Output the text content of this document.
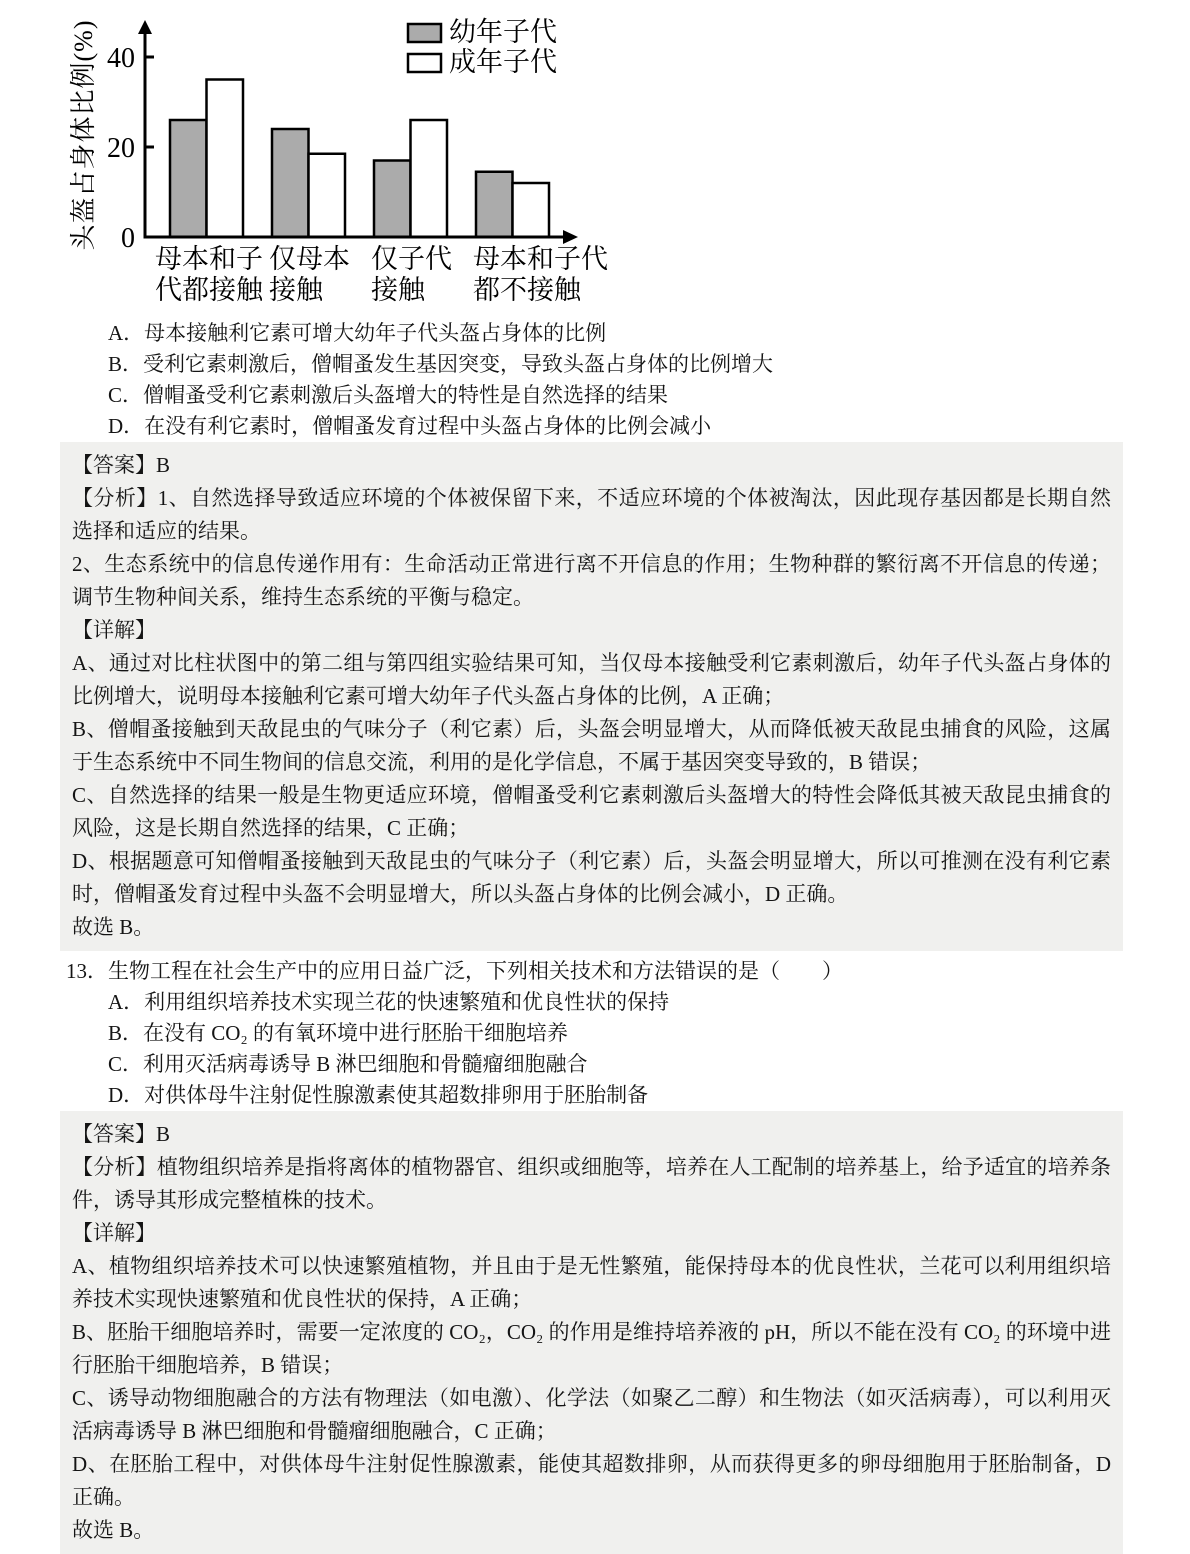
0
20
40
头盔占身体比例(%)
母本和子
代都接触
仅母本
接触
仅子代
接触
母本和子代
都不接触
幼年子代
成年子代
A．母本接触利它素可增大幼年子代头盔占身体的比例
B．受利它素刺激后，僧帽蚤发生基因突变，导致头盔占身体的比例增大
C．僧帽蚤受利它素刺激后头盔增大的特性是自然选择的结果
D．在没有利它素时，僧帽蚤发育过程中头盔占身体的比例会减小

【答案】B

【分析】1、自然选择导致适应环境的个体被保留下来，不适应环境的个体被淘汰，因此现存基因都是长期自然选择和适应的结果。

2、生态系统中的信息传递作用有：生命活动正常进行离不开信息的作用；生物种群的繁衍离不开信息的传递；调节生物种间关系，维持生态系统的平衡与稳定。

【详解】

A、通过对比柱状图中的第二组与第四组实验结果可知，当仅母本接触受利它素刺激后，幼年子代头盔占身体的比例增大，说明母本接触利它素可增大幼年子代头盔占身体的比例，A 正确；

B、僧帽蚤接触到天敌昆虫的气味分子（利它素）后，头盔会明显增大，从而降低被天敌昆虫捕食的风险，这属于生态系统中不同生物间的信息交流，利用的是化学信息，不属于基因突变导致的，B 错误；

C、自然选择的结果一般是生物更适应环境，僧帽蚤受利它素刺激后头盔增大的特性会降低其被天敌昆虫捕食的风险，这是长期自然选择的结果，C 正确；

D、根据题意可知僧帽蚤接触到天敌昆虫的气味分子（利它素）后，头盔会明显增大，所以可推测在没有利它素时，僧帽蚤发育过程中头盔不会明显增大，所以头盔占身体的比例会减小，D 正确。

故选 B。

13．生物工程在社会生产中的应用日益广泛，下列相关技术和方法错误的是（　　）

A．利用组织培养技术实现兰花的快速繁殖和优良性状的保持
B．在没有 CO₂ 的有氧环境中进行胚胎干细胞培养
C．利用灭活病毒诱导 B 淋巴细胞和骨髓瘤细胞融合
D．对供体母牛注射促性腺激素使其超数排卵用于胚胎制备

【答案】B

【分析】植物组织培养是指将离体的植物器官、组织或细胞等，培养在人工配制的培养基上，给予适宜的培养条件，诱导其形成完整植株的技术。

【详解】

A、植物组织培养技术可以快速繁殖植物，并且由于是无性繁殖，能保持母本的优良性状，兰花可以利用组织培养技术实现快速繁殖和优良性状的保持，A 正确；

B、胚胎干细胞培养时，需要一定浓度的 CO₂，CO₂ 的作用是维持培养液的 pH，所以不能在没有 CO₂ 的环境中进行胚胎干细胞培养，B 错误；

C、诱导动物细胞融合的方法有物理法（如电激）、化学法（如聚乙二醇）和生物法（如灭活病毒），可以利用灭活病毒诱导 B 淋巴细胞和骨髓瘤细胞融合，C 正确；

D、在胚胎工程中，对供体母牛注射促性腺激素，能使其超数排卵，从而获得更多的卵母细胞用于胚胎制备，D 正确。

故选 B。
